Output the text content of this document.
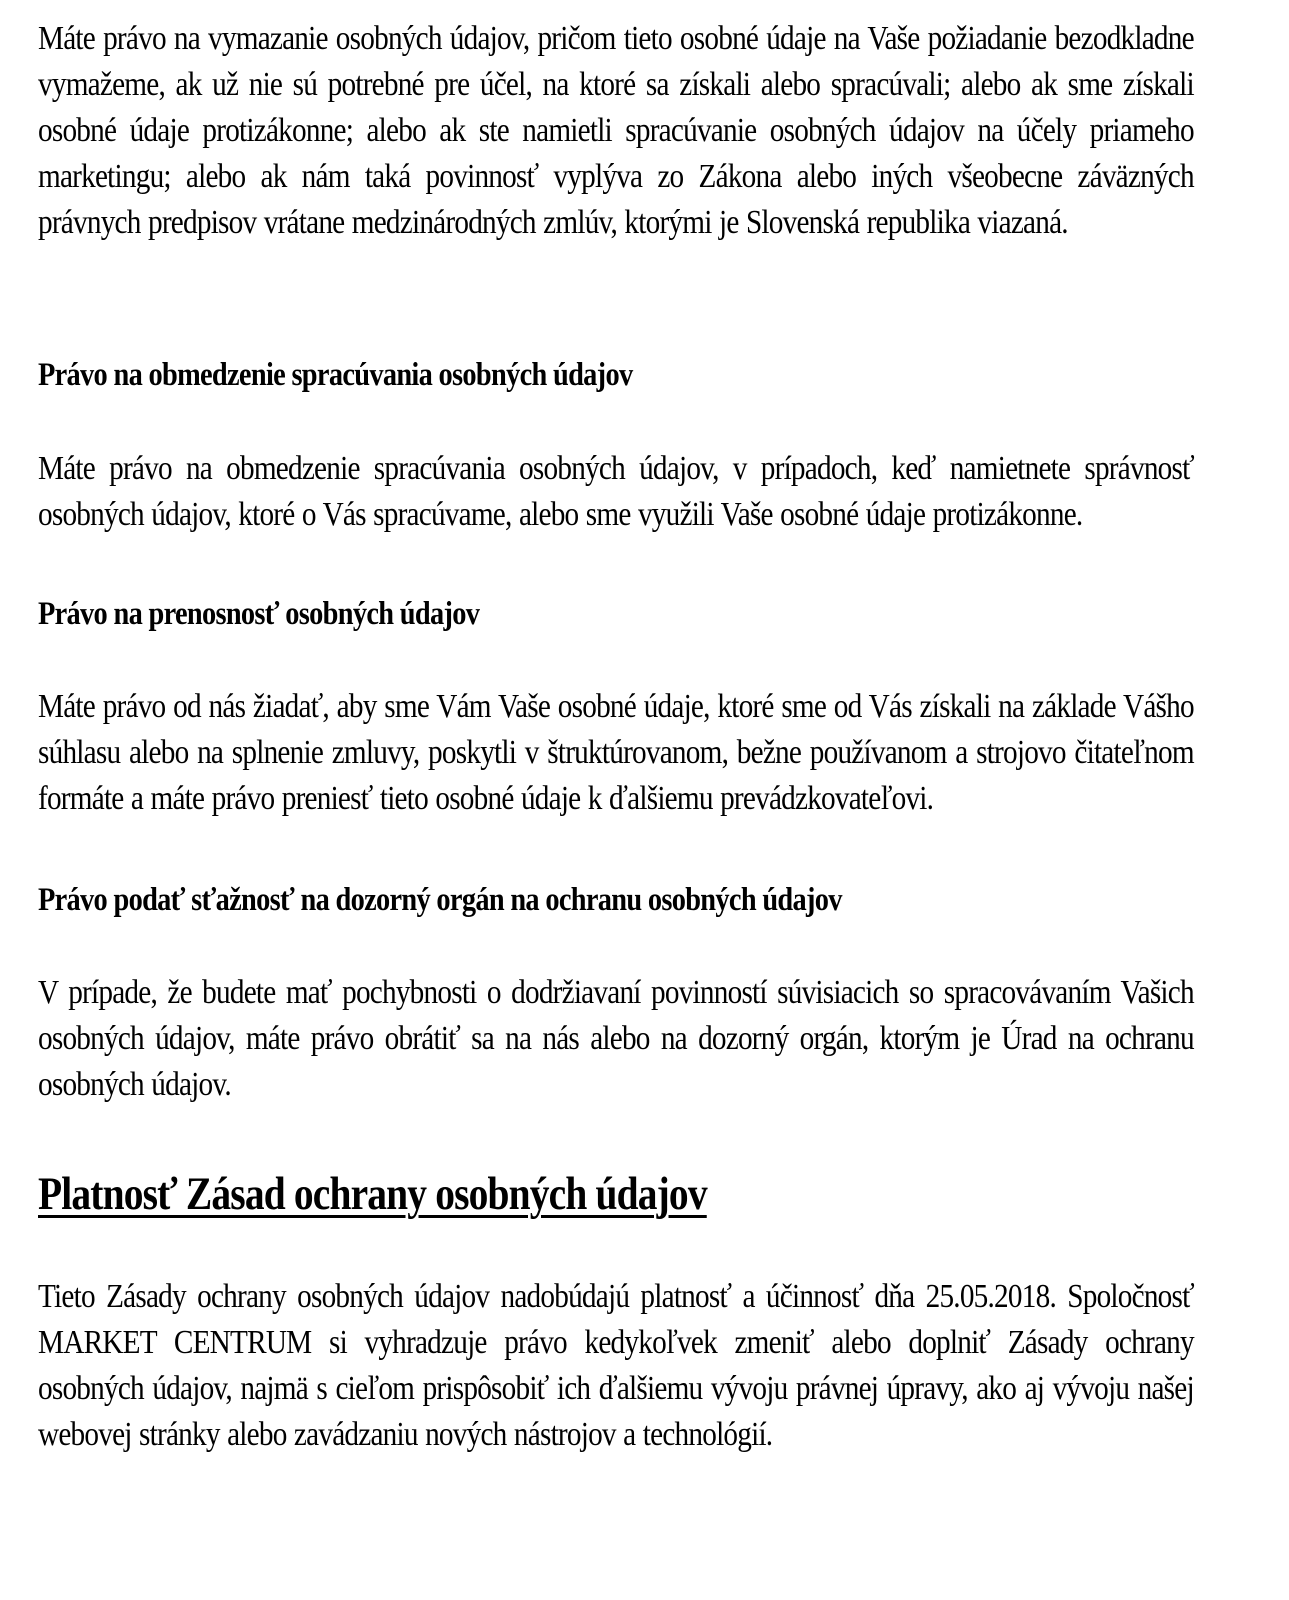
Máte právo na vymazanie osobných údajov, pričom tieto osobné údaje na Vaše požiadanie bezodkladne vymažeme, ak už nie sú potrebné pre účel, na ktoré sa získali alebo spracúvali; alebo ak sme získali osobné údaje protizákonne; alebo ak ste namietli spracúvanie osobných údajov na účely priameho marketingu; alebo ak nám taká povinnosť vyplýva zo Zákona alebo iných všeobecne záväzných právnych predpisov vrátane medzinárodných zmlúv, ktorými je Slovenská republika viazaná.

Právo na obmedzenie spracúvania osobných údajov

Máte právo na obmedzenie spracúvania osobných údajov, v prípadoch, keď namietnete správnosť osobných údajov, ktoré o Vás spracúvame, alebo sme využili Vaše osobné údaje protizákonne.

Právo na prenosnosť osobných údajov

Máte právo od nás žiadať, aby sme Vám Vaše osobné údaje, ktoré sme od Vás získali na základe Vášho súhlasu alebo na splnenie zmluvy, poskytli v štruktúrovanom, bežne používanom a strojovo čitateľnom formáte a máte právo preniesť tieto osobné údaje k ďalšiemu prevádzkovateľovi.

Právo podať sťažnosť na dozorný orgán na ochranu osobných údajov

V prípade, že budete mať pochybnosti o dodržiavaní povinností súvisiacich so spracovávaním Vašich osobných údajov, máte právo obrátiť sa na nás alebo na dozorný orgán, ktorým je Úrad na ochranu osobných údajov.

Platnosť Zásad ochrany osobných údajov

Tieto Zásady ochrany osobných údajov nadobúdajú platnosť a účinnosť dňa 25.05.2018. Spoločnosť MARKET CENTRUM si vyhradzuje právo kedykoľvek zmeniť alebo doplniť Zásady ochrany osobných údajov, najmä s cieľom prispôsobiť ich ďalšiemu vývoju právnej úpravy, ako aj vývoju našej webovej stránky alebo zavádzaniu nových nástrojov a technológií.
